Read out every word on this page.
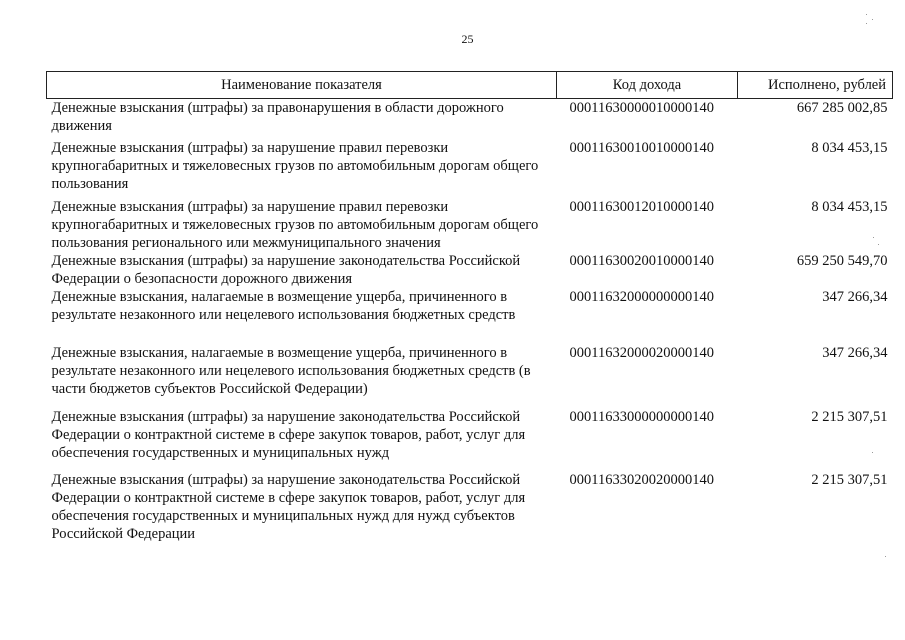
25
Наименование показателя	Код дохода	Исполнено, рублей
Денежные взыскания (штрафы) за правонарушения в области дорожного движения	00011630000010000140	667 285 002,85
Денежные взыскания (штрафы) за нарушение правил перевозки крупногабаритных и тяжеловесных грузов по автомобильным дорогам общего пользования	00011630010010000140	8 034 453,15
Денежные взыскания (штрафы) за нарушение правил перевозки крупногабаритных и тяжеловесных грузов по автомобильным дорогам общего пользования регионального или межмуниципального значения	00011630012010000140	8 034 453,15
Денежные взыскания (штрафы) за нарушение законодательства Российской Федерации о безопасности дорожного движения	00011630020010000140	659 250 549,70
Денежные взыскания, налагаемые в возмещение ущерба, причиненного в результате незаконного или нецелевого использования бюджетных средств	00011632000000000140	347 266,34
Денежные взыскания, налагаемые в возмещение ущерба, причиненного в результате незаконного или нецелевого использования бюджетных средств (в части бюджетов субъектов Российской Федерации)	00011632000020000140	347 266,34
Денежные взыскания (штрафы) за нарушение законодательства Российской Федерации о контрактной системе в сфере закупок товаров, работ, услуг для обеспечения государственных и муниципальных нужд	00011633000000000140	2 215 307,51
Денежные взыскания (штрафы) за нарушение законодательства Российской Федерации о контрактной системе в сфере закупок товаров, работ, услуг для обеспечения государственных и муниципальных нужд для нужд субъектов Российской Федерации	00011633020020000140	2 215 307,51
